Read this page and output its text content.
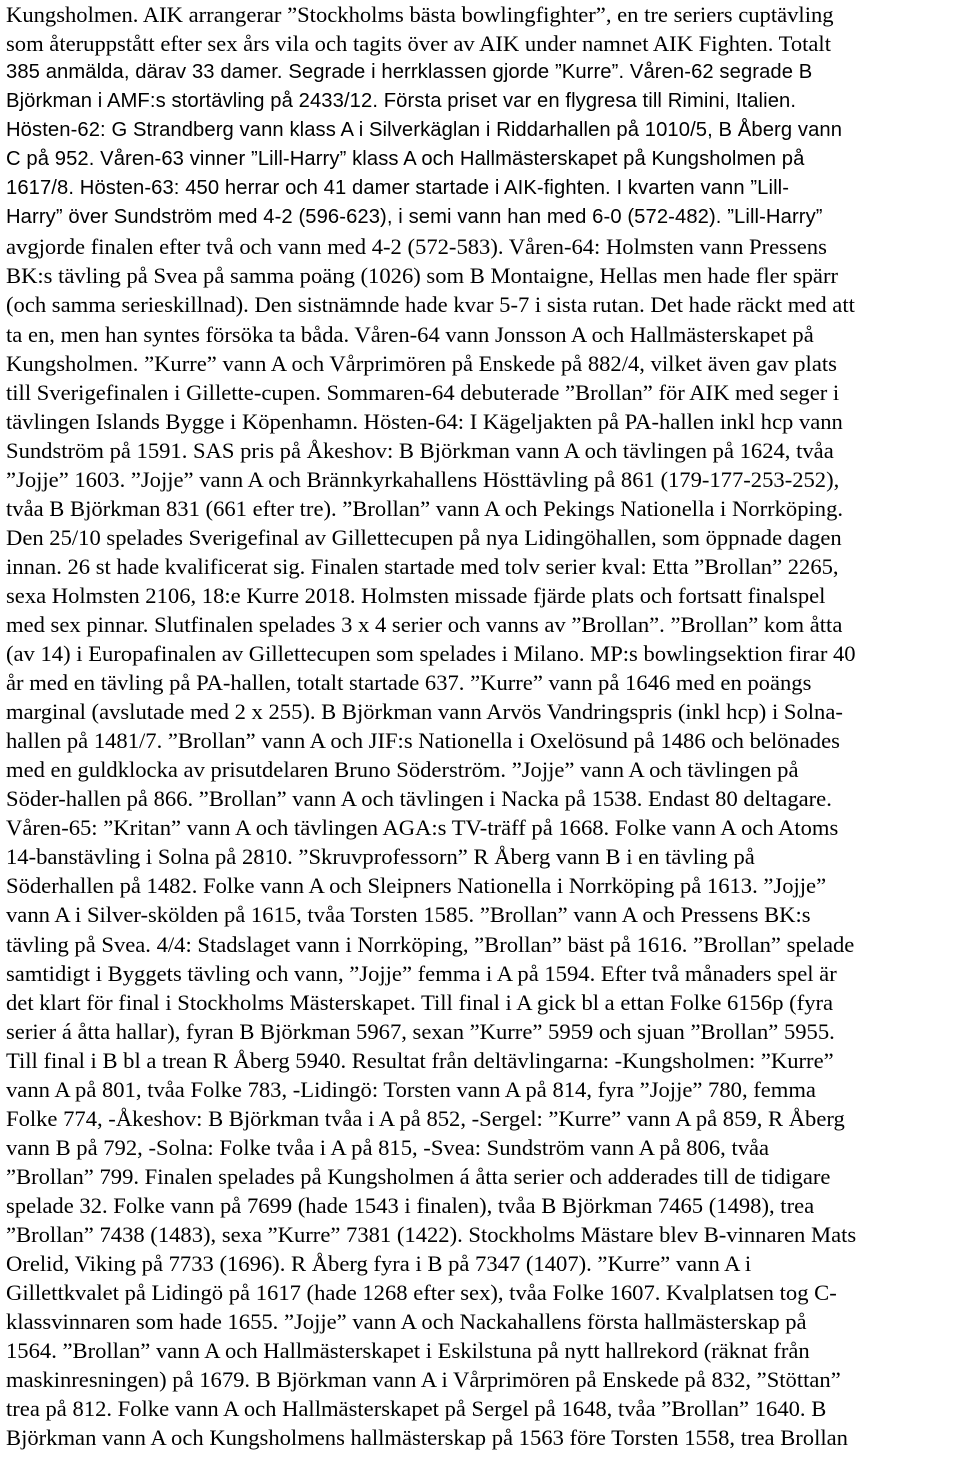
Kungsholmen. AIK arrangerar ”Stockholms bästa bowlingfighter”, en tre seriers cuptävling
som återuppstått efter sex års vila och tagits över av AIK under namnet AIK Fighten. Totalt
385 anmälda, därav 33 damer. Segrade i herrklassen gjorde ”Kurre”. Våren-62 segrade B
Björkman i AMF:s stortävling på 2433/12. Första priset var en flygresa till Rimini, Italien.
Hösten-62: G Strandberg vann klass A i Silverkäglan i Riddarhallen på 1010/5, B Åberg vann
C på 952. Våren-63 vinner ”Lill-Harry” klass A och Hallmästerskapet på Kungsholmen på
1617/8. Hösten-63: 450 herrar och 41 damer startade i AIK-fighten. I kvarten vann ”Lill-
Harry” över Sundström med 4-2 (596-623), i semi vann han med 6-0 (572-482). ”Lill-Harry”
avgjorde finalen efter två och vann med 4-2 (572-583). Våren-64: Holmsten vann Pressens
BK:s tävling på Svea på samma poäng (1026) som B Montaigne, Hellas men hade fler spärr
(och samma serieskillnad). Den sistnämnde hade kvar 5-7 i sista rutan. Det hade räckt med att
ta en, men han syntes försöka ta båda. Våren-64 vann Jonsson A och Hallmästerskapet på
Kungsholmen. ”Kurre” vann A och Vårprimören på Enskede på 882/4, vilket även gav plats
till Sverigefinalen i Gillette-cupen. Sommaren-64 debuterade ”Brollan” för AIK med seger i
tävlingen Islands Bygge i Köpenhamn. Hösten-64: I Kägeljakten på PA-hallen inkl hcp vann
Sundström på 1591. SAS pris på Åkeshov: B Björkman vann A och tävlingen på 1624, tvåa
”Jojje” 1603. ”Jojje” vann A och Brännkyrkahallens Hösttävling på 861 (179-177-253-252),
tvåa B Björkman 831 (661 efter tre). ”Brollan” vann A och Pekings Nationella i Norrköping.
Den 25/10 spelades Sverigefinal av Gillettecupen på nya Lidingöhallen, som öppnade dagen
innan. 26 st hade kvalificerat sig. Finalen startade med tolv serier kval: Etta ”Brollan” 2265,
sexa Holmsten 2106, 18:e Kurre 2018. Holmsten missade fjärde plats och fortsatt finalspel
med sex pinnar. Slutfinalen spelades 3 x 4 serier och vanns av ”Brollan”. ”Brollan” kom åtta
(av 14) i Europafinalen av Gillettecupen som spelades i Milano. MP:s bowlingsektion firar 40
år med en tävling på PA-hallen, totalt startade 637. ”Kurre” vann på 1646 med en poängs
marginal (avslutade med 2 x 255). B Björkman vann Arvös Vandringspris (inkl hcp) i Solna-
hallen på 1481/7. ”Brollan” vann A och JIF:s Nationella i Oxelösund på 1486 och belönades
med en guldklocka av prisutdelaren Bruno Söderström. ”Jojje” vann A och tävlingen på
Söder-hallen på 866. ”Brollan” vann A och tävlingen i Nacka på 1538. Endast 80 deltagare.
Våren-65: ”Kritan” vann A och tävlingen AGA:s TV-träff på 1668. Folke vann A och Atoms
14-banstävling i Solna på 2810. ”Skruvprofessorn” R Åberg vann B i en tävling på
Söderhallen på 1482. Folke vann A och Sleipners Nationella i Norrköping på 1613. ”Jojje”
vann A i Silver-skölden på 1615, tvåa Torsten 1585. ”Brollan” vann A och Pressens BK:s
tävling på Svea. 4/4: Stadslaget vann i Norrköping, ”Brollan” bäst på 1616. ”Brollan” spelade
samtidigt i Byggets tävling och vann, ”Jojje” femma i A på 1594. Efter två månaders spel är
det klart för final i Stockholms Mästerskapet. Till final i A gick bl a ettan Folke 6156p (fyra
serier á åtta hallar), fyran B Björkman 5967, sexan ”Kurre” 5959 och sjuan ”Brollan” 5955.
Till final i B bl a trean R Åberg 5940. Resultat från deltävlingarna: -Kungsholmen: ”Kurre”
vann A på 801, tvåa Folke 783, -Lidingö: Torsten vann A på 814, fyra ”Jojje” 780, femma
Folke 774, -Åkeshov: B Björkman tvåa i A på 852, -Sergel: ”Kurre” vann A på 859, R Åberg
vann B på 792, -Solna: Folke tvåa i A på 815, -Svea: Sundström vann A på 806, tvåa
”Brollan” 799. Finalen spelades på Kungsholmen á åtta serier och adderades till de tidigare
spelade 32. Folke vann på 7699 (hade 1543 i finalen), tvåa B Björkman 7465 (1498), trea
”Brollan” 7438 (1483), sexa ”Kurre” 7381 (1422). Stockholms Mästare blev B-vinnaren Mats
Orelid, Viking på 7733 (1696). R Åberg fyra i B på 7347 (1407). ”Kurre” vann A i
Gillettkvalet på Lidingö på 1617 (hade 1268 efter sex), tvåa Folke 1607. Kvalplatsen tog C-
klassvinnaren som hade 1655. ”Jojje” vann A och Nackahallens första hallmästerskap på
1564. ”Brollan” vann A och Hallmästerskapet i Eskilstuna på nytt hallrekord (räknat från
maskinresningen) på 1679. B Björkman vann A i Vårprimören på Enskede på 832, ”Stöttan”
trea på 812. Folke vann A och Hallmästerskapet på Sergel på 1648, tvåa ”Brollan” 1640. B
Björkman vann A och Kungsholmens hallmästerskap på 1563 före Torsten 1558, trea Brollan
